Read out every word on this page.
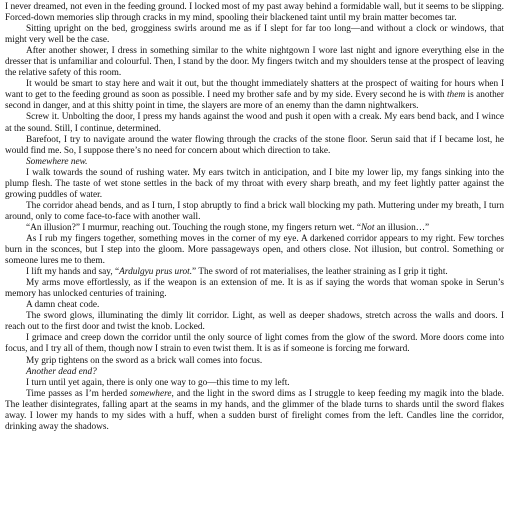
I never dreamed, not even in the feeding ground. I locked most of my past away behind a formidable wall, but it seems to be slipping. Forced-down memories slip through cracks in my mind, spooling their blackened taint until my brain matter becomes tar.

Sitting upright on the bed, grogginess swirls around me as if I slept for far too long—and without a clock or windows, that might very well be the case.

After another shower, I dress in something similar to the white nightgown I wore last night and ignore everything else in the dresser that is unfamiliar and colourful. Then, I stand by the door. My fingers twitch and my shoulders tense at the prospect of leaving the relative safety of this room.

It would be smart to stay here and wait it out, but the thought immediately shatters at the prospect of waiting for hours when I want to get to the feeding ground as soon as possible. I need my brother safe and by my side. Every second he is with them is another second in danger, and at this shitty point in time, the slayers are more of an enemy than the damn nightwalkers.

Screw it. Unbolting the door, I press my hands against the wood and push it open with a creak. My ears bend back, and I wince at the sound. Still, I continue, determined.

Barefoot, I try to navigate around the water flowing through the cracks of the stone floor. Serun said that if I became lost, he would find me. So, I suppose there’s no need for concern about which direction to take.

Somewhere new.

I walk towards the sound of rushing water. My ears twitch in anticipation, and I bite my lower lip, my fangs sinking into the plump flesh. The taste of wet stone settles in the back of my throat with every sharp breath, and my feet lightly patter against the growing puddles of water.

The corridor ahead bends, and as I turn, I stop abruptly to find a brick wall blocking my path. Muttering under my breath, I turn around, only to come face-to-face with another wall.

“An illusion?” I murmur, reaching out. Touching the rough stone, my fingers return wet. “Not an illusion…”

As I rub my fingers together, something moves in the corner of my eye. A darkened corridor appears to my right. Few torches burn in the sconces, but I step into the gloom. More passageways open, and others close. Not illusion, but control. Something or someone lures me to them.

I lift my hands and say, “Ardulgyu prus urot.” The sword of rot materialises, the leather straining as I grip it tight.

My arms move effortlessly, as if the weapon is an extension of me. It is as if saying the words that woman spoke in Serun’s memory has unlocked centuries of training.

A damn cheat code.

The sword glows, illuminating the dimly lit corridor. Light, as well as deeper shadows, stretch across the walls and doors. I reach out to the first door and twist the knob. Locked.

I grimace and creep down the corridor until the only source of light comes from the glow of the sword. More doors come into focus, and I try all of them, though now I strain to even twist them. It is as if someone is forcing me forward.

My grip tightens on the sword as a brick wall comes into focus.

Another dead end?

I turn until yet again, there is only one way to go—this time to my left.

Time passes as I’m herded somewhere, and the light in the sword dims as I struggle to keep feeding my magik into the blade. The leather disintegrates, falling apart at the seams in my hands, and the glimmer of the blade turns to shards until the sword flakes away. I lower my hands to my sides with a huff, when a sudden burst of firelight comes from the left. Candles line the corridor, drinking away the shadows.
